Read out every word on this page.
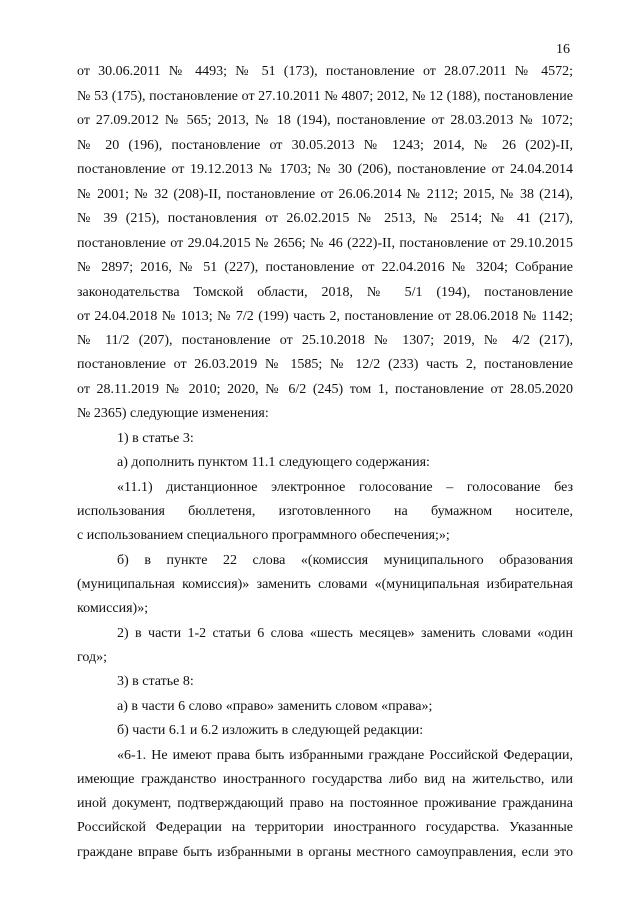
16
от 30.06.2011 № 4493; № 51 (173), постановление от 28.07.2011 № 4572;
№ 53 (175), постановление от 27.10.2011 № 4807; 2012, № 12 (188), постановление
от 27.09.2012 № 565; 2013, № 18 (194), постановление от 28.03.2013 № 1072;
№ 20 (196), постановление от 30.05.2013 № 1243; 2014, № 26 (202)-II,
постановление от 19.12.2013 № 1703; № 30 (206), постановление от 24.04.2014
№ 2001; № 32 (208)-II, постановление от 26.06.2014 № 2112; 2015, № 38 (214),
№ 39 (215), постановления от 26.02.2015 № 2513, № 2514; № 41 (217),
постановление от 29.04.2015 № 2656; № 46 (222)-II, постановление от 29.10.2015
№ 2897; 2016, № 51 (227), постановление от 22.04.2016 № 3204; Собрание
законодательства Томской области, 2018, № 5/1 (194), постановление
от 24.04.2018 № 1013; № 7/2 (199) часть 2, постановление от 28.06.2018 № 1142;
№ 11/2 (207), постановление от 25.10.2018 № 1307; 2019, № 4/2 (217),
постановление от 26.03.2019 № 1585; № 12/2 (233) часть 2, постановление
от 28.11.2019 № 2010; 2020, № 6/2 (245) том 1, постановление от 28.05.2020
№ 2365) следующие изменения:
1) в статье 3:
а) дополнить пунктом 11.1 следующего содержания:
«11.1) дистанционное электронное голосование – голосование без
использования бюллетеня, изготовленного на бумажном носителе,
с использованием специального программного обеспечения;»;
б) в пункте 22 слова «(комиссия муниципального образования
(муниципальная комиссия)» заменить словами «(муниципальная избирательная
комиссия)»;
2) в части 1-2 статьи 6 слова «шесть месяцев» заменить словами «один
год»;
3) в статье 8:
а) в части 6 слово «право» заменить словом «права»;
б) части 6.1 и 6.2 изложить в следующей редакции:
«6-1. Не имеют права быть избранными граждане Российской Федерации,
имеющие гражданство иностранного государства либо вид на жительство, или
иной документ, подтверждающий право на постоянное проживание гражданина
Российской Федерации на территории иностранного государства. Указанные
граждане вправе быть избранными в органы местного самоуправления, если это
